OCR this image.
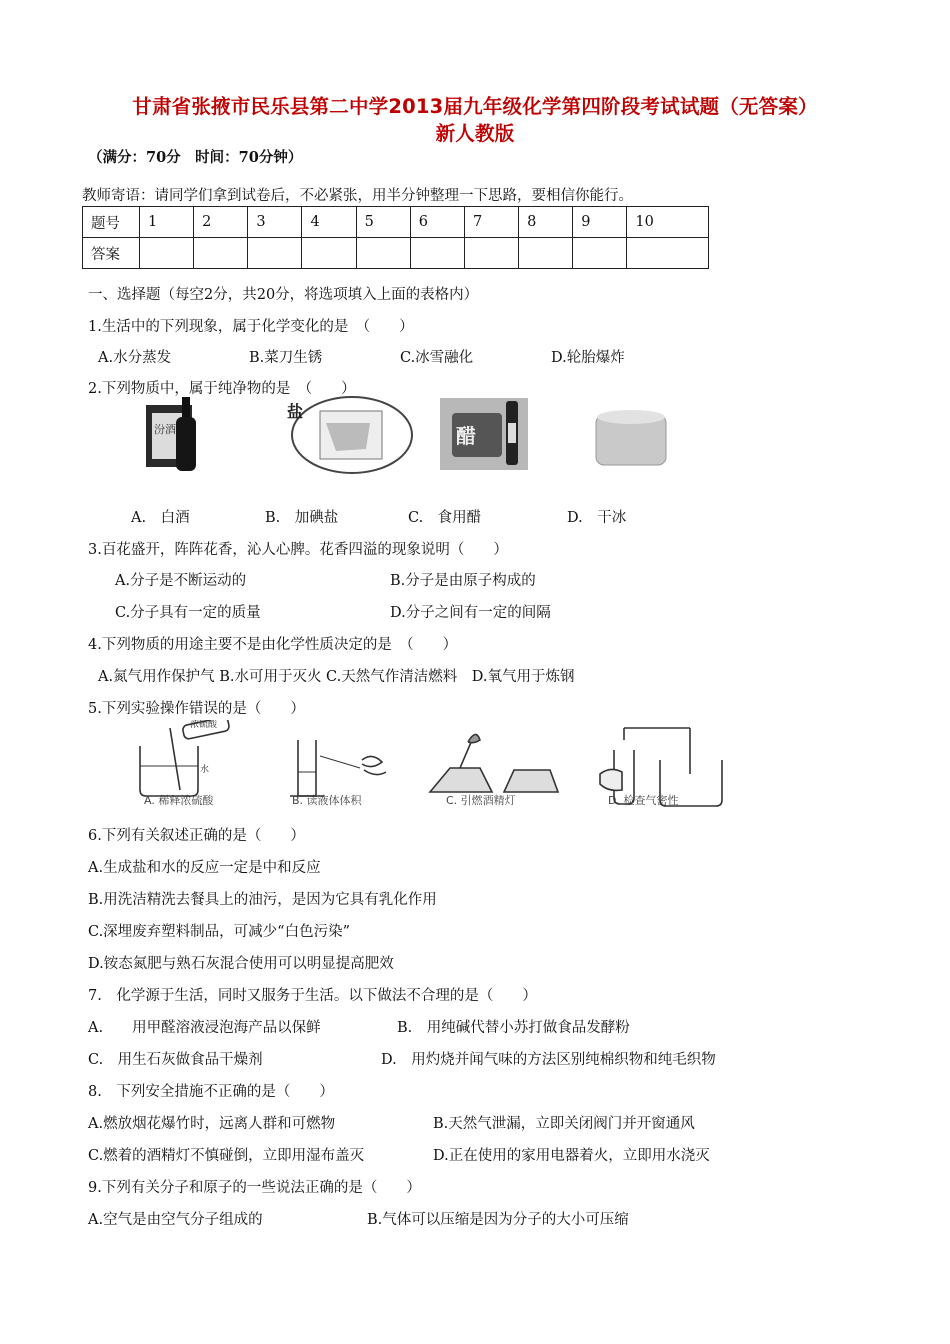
甘肃省张掖市民乐县第二中学2013届九年级化学第四阶段考试试题（无答案）
新人教版
（满分：70分　时间：70分钟）
教师寄语：请同学们拿到试卷后，不必紧张，用半分钟整理一下思路，要相信你能行。
题号	1	2	3	4	5	6	7	8	9	10
答案										
一、选择题（每空2分，共20分，将选项填入上面的表格内）
1.生活中的下列现象，属于化学变化的是　（　　）
A.水分蒸发	B.菜刀生锈	C.冰雪融化	D.轮胎爆炸
2.下列物质中，属于纯净物的是　（　　）
汾酒
盐
醋
A.　白酒	B.　加碘盐	C.　食用醋	D.　干冰
3.百花盛开，阵阵花香，沁人心脾。花香四溢的现象说明（　　）
A.分子是不断运动的	B.分子是由原子构成的
C.分子具有一定的质量	D.分子之间有一定的间隔
4.下列物质的用途主要不是由化学性质决定的是　（　　）
A.氮气用作保护气 B.水可用于灭火 C.天然气作清洁燃料　D.氧气用于炼钢
5.下列实验操作错误的是（　　）
浓硫酸
水
A. 稀释浓硫酸	B. 读液体体积	C. 引燃酒精灯	D. 检查气密性
6.下列有关叙述正确的是（　　）
A.生成盐和水的反应一定是中和反应
B.用洗洁精洗去餐具上的油污，是因为它具有乳化作用
C.深埋废弃塑料制品，可减少“白色污染”
D.铵态氮肥与熟石灰混合使用可以明显提高肥效
7.　化学源于生活，同时又服务于生活。以下做法不合理的是（　　）
A.　　用甲醛溶液浸泡海产品以保鲜	B.　用纯碱代替小苏打做食品发酵粉
C.　用生石灰做食品干燥剂	D.　用灼烧并闻气味的方法区别纯棉织物和纯毛织物
8.　下列安全措施不正确的是（　　）
A.燃放烟花爆竹时，远离人群和可燃物	B.天然气泄漏，立即关闭阀门并开窗通风
C.燃着的酒精灯不慎碰倒，立即用湿布盖灭	D.正在使用的家用电器着火，立即用水浇灭
9.下列有关分子和原子的一些说法正确的是（　　）
A.空气是由空气分子组成的	B.气体可以压缩是因为分子的大小可压缩
